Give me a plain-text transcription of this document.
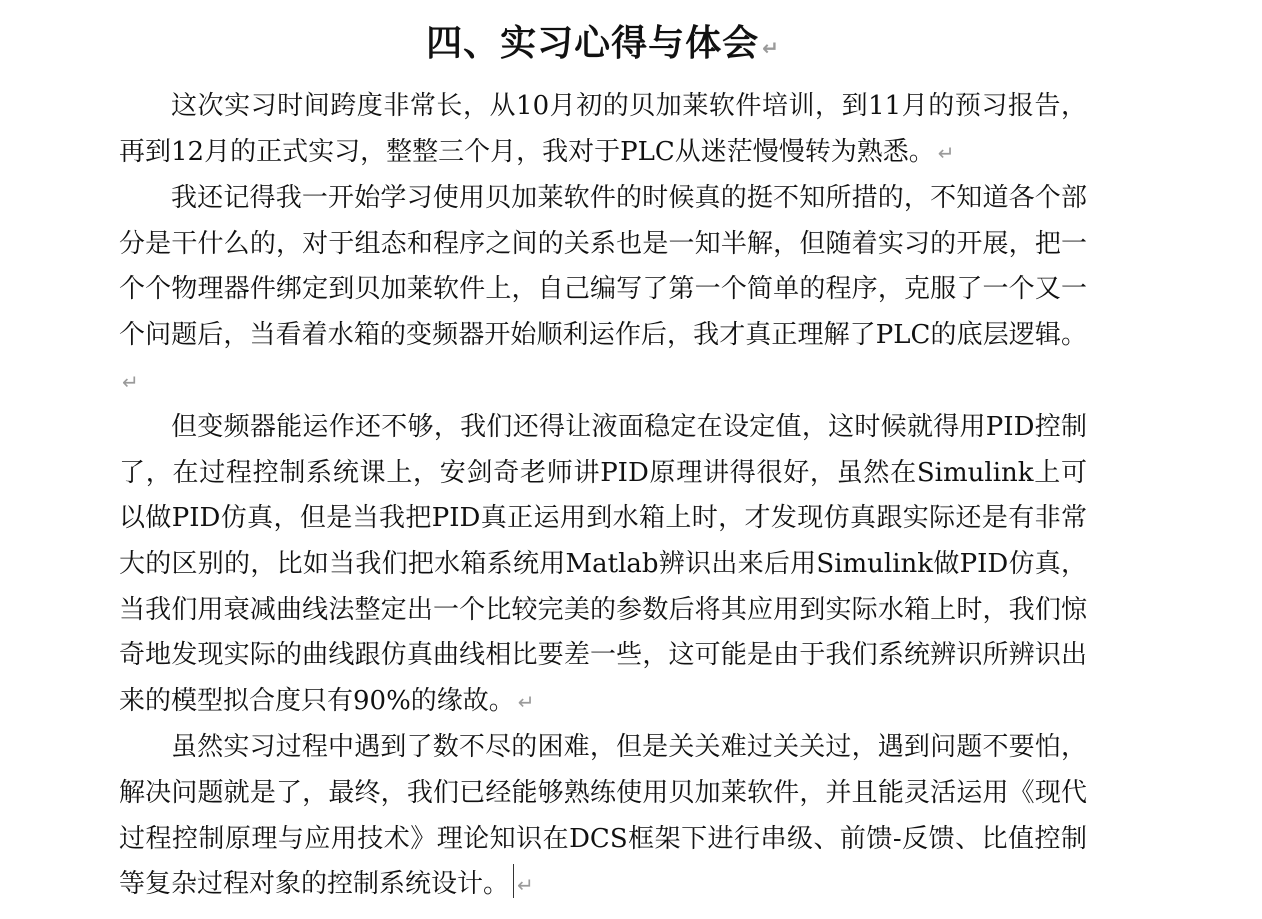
四、实习心得与体会 ↵

这次实习时间跨度非常长，从10月初的贝加莱软件培训，到11月的预习报告，再到12月的正式实习，整整三个月，我对于PLC从迷茫慢慢转为熟悉。 ↵

我还记得我一开始学习使用贝加莱软件的时候真的挺不知所措的，不知道各个部分是干什么的，对于组态和程序之间的关系也是一知半解，但随着实习的开展，把一个个物理器件绑定到贝加莱软件上，自己编写了第一个简单的程序，克服了一个又一个问题后，当看着水箱的变频器开始顺利运作后，我才真正理解了PLC的底层逻辑。↵

但变频器能运作还不够，我们还得让液面稳定在设定值，这时候就得用PID控制了，在过程控制系统课上，安剑奇老师讲PID原理讲得很好，虽然在Simulink上可以做PID仿真，但是当我把PID真正运用到水箱上时，才发现仿真跟实际还是有非常大的区别的，比如当我们把水箱系统用Matlab辨识出来后用Simulink做PID仿真，当我们用衰减曲线法整定出一个比较完美的参数后将其应用到实际水箱上时，我们惊奇地发现实际的曲线跟仿真曲线相比要差一些，这可能是由于我们系统辨识所辨识出来的模型拟合度只有90%的缘故。 ↵

虽然实习过程中遇到了数不尽的困难，但是关关难过关关过，遇到问题不要怕，解决问题就是了，最终，我们已经能够熟练使用贝加莱软件，并且能灵活运用《现代过程控制原理与应用技术》理论知识在DCS框架下进行串级、前馈-反馈、比值控制等复杂过程对象的控制系统设计。 ↵
